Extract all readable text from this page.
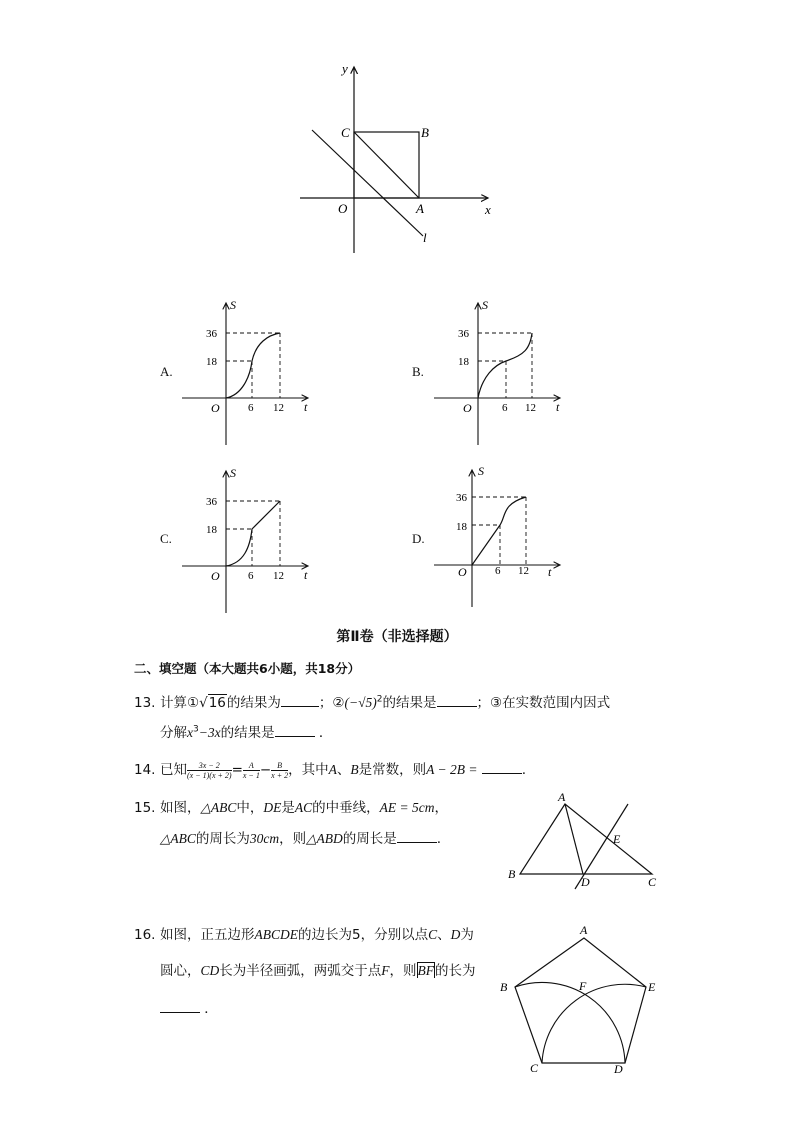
y
x
O
C	B
A
l
S
t
O
36
18
6 12
A.
S
t
O
36
18
6 12
B.
S
t
O
36
18
6 12
C.
S
t
O
36
18
6 12
D.
第Ⅱ卷（非选择题）
二、填空题（本大题共6小题，共18分）
13. 计算①√16的结果为	；$②(-√5)^2$的结果是	；③在实数范围内因式
分解$x^3-3x$的结果是	．
14. 已知 $\frac{3x - 2}{(x - 1)(x + 2)} = \frac{A}{x - 1} - \frac{B}{x + 2}$ ，其中A、B是常数，则A − 2B =	.
15. 如图，△ABC中，DE是AC的中垂线，AE = 5cm，
△ABC的周长为30cm，则△ABD的周长是	.
A
B
C
D
E
16. 如图，正五边形ABCDE的边长为5，分别以点C、D为
圆心，CD长为半径画弧，两弧交于点F，则BF的长为
．
A
B	E
F
C	D
